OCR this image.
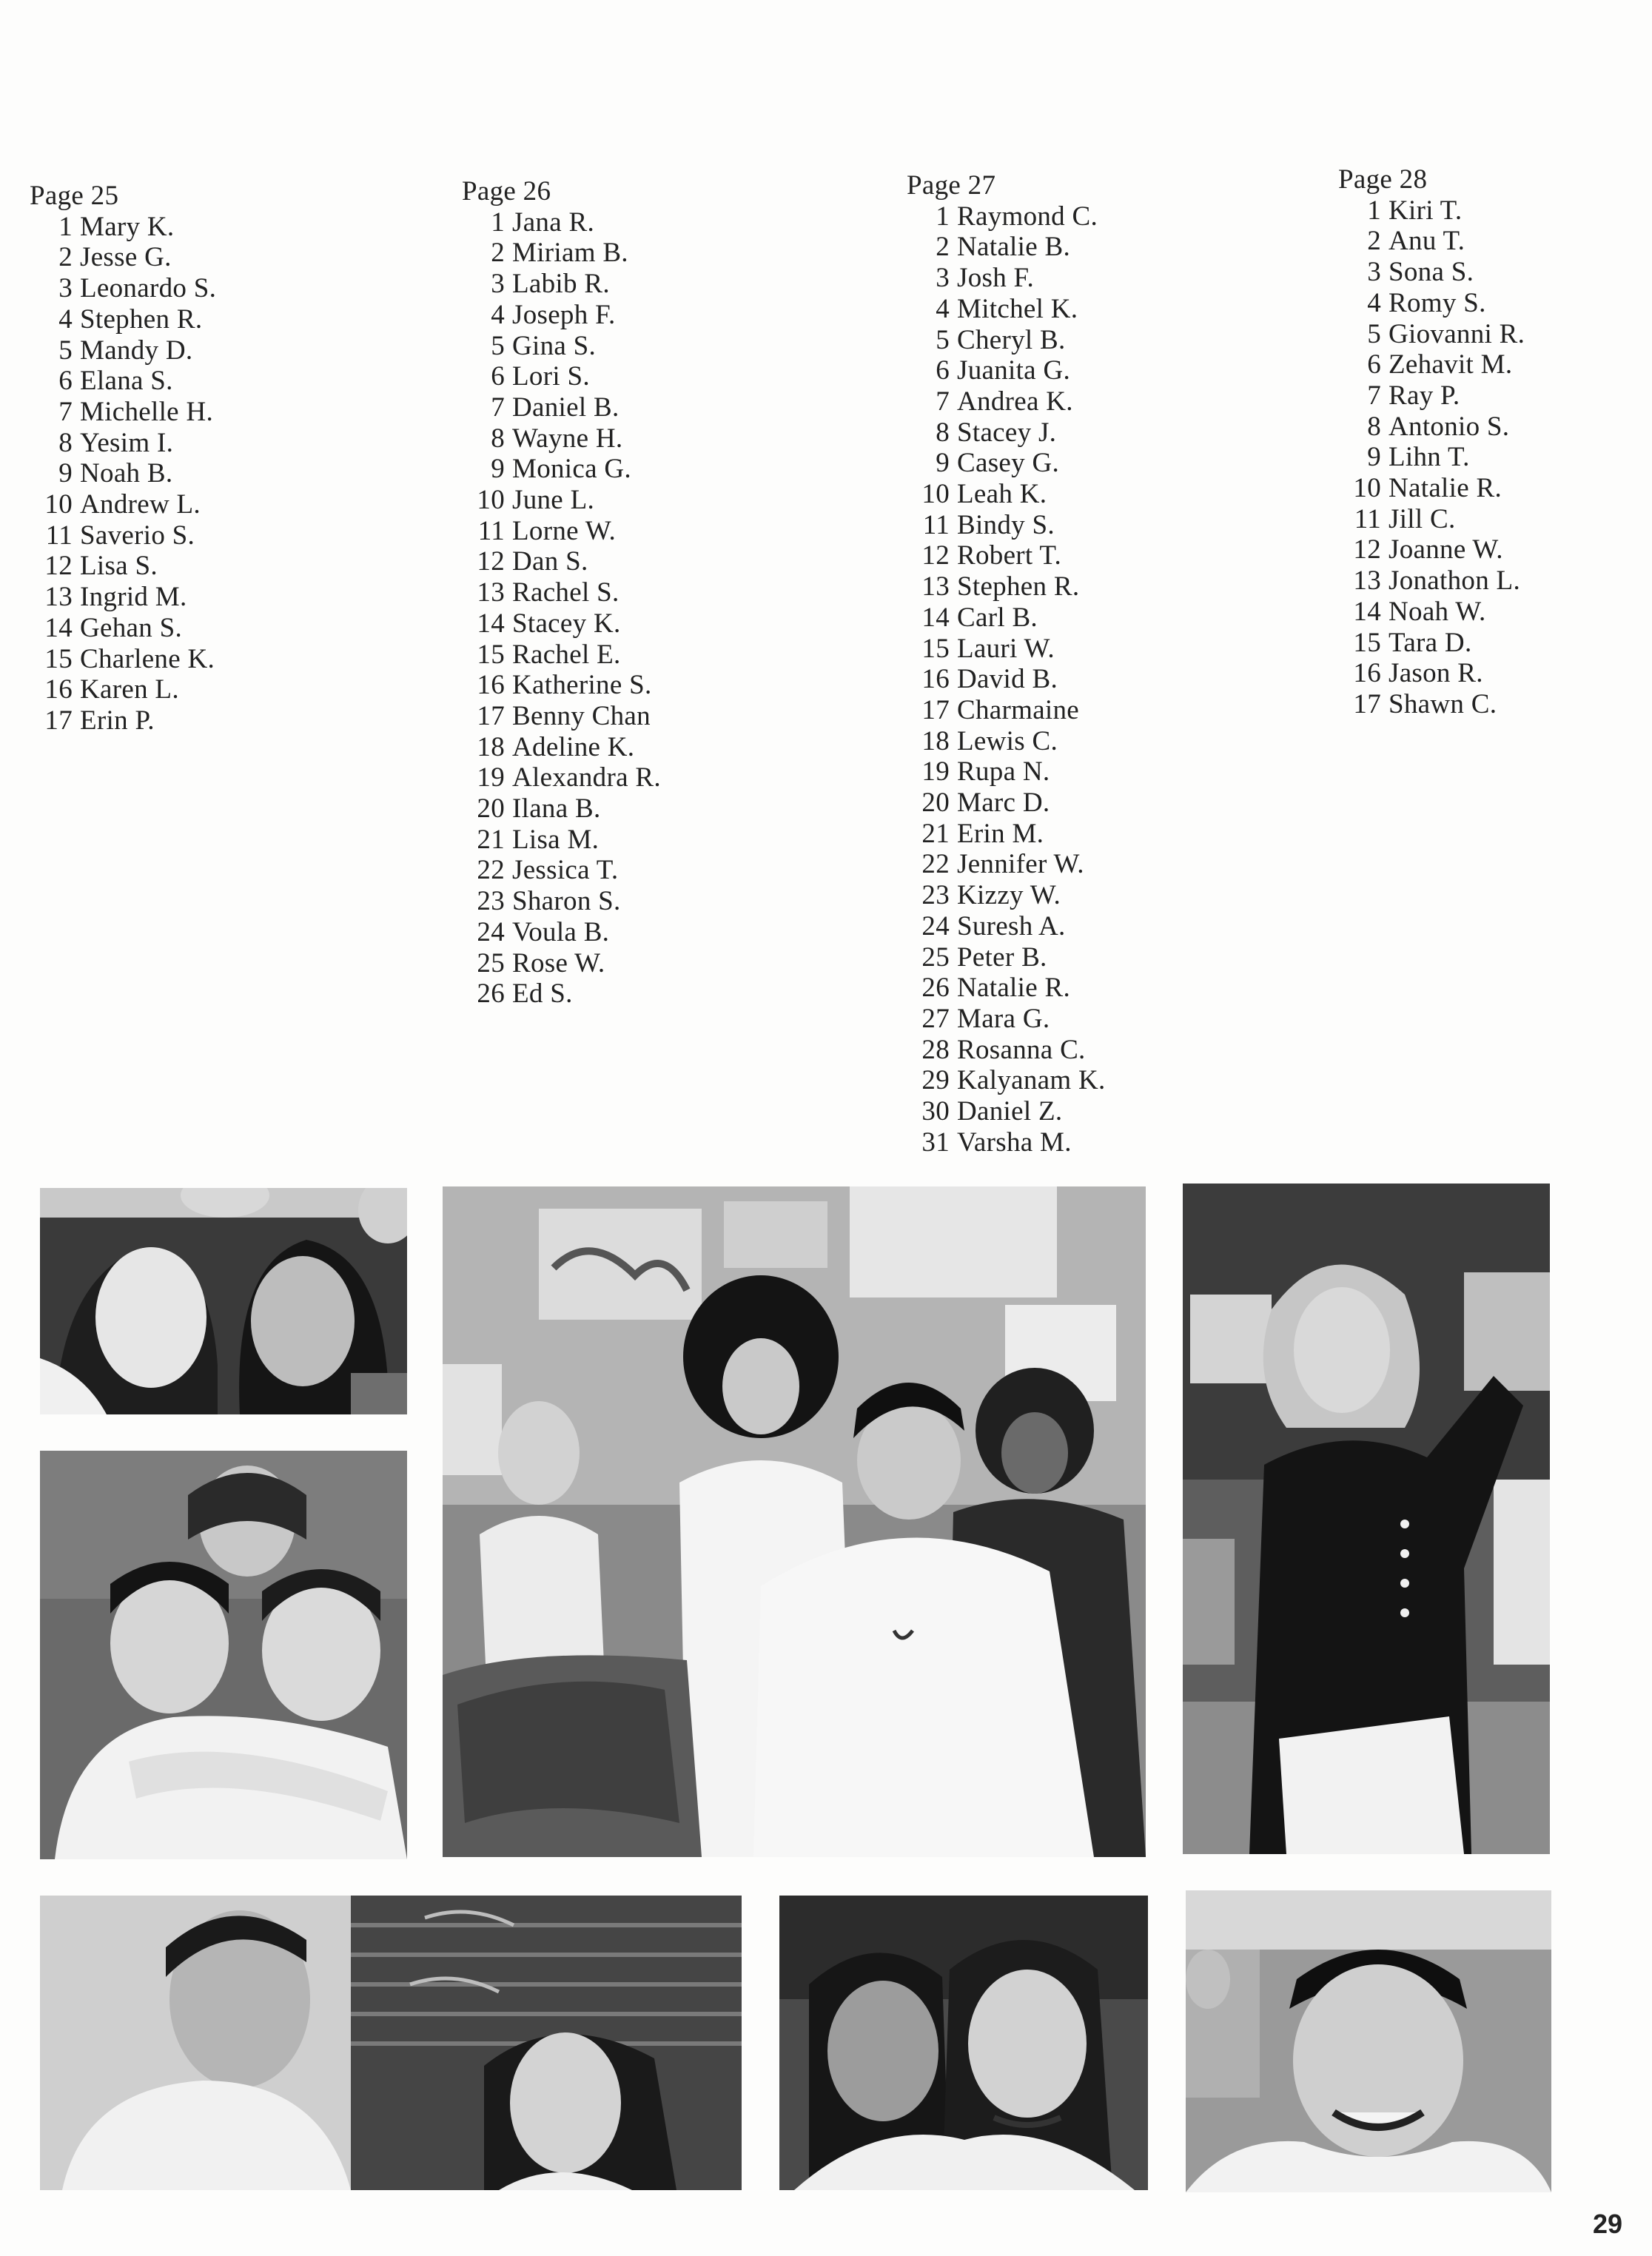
Page 25
1 Mary K.
2 Jesse G.
3 Leonardo S.
4 Stephen R.
5 Mandy D.
6 Elana S.
7 Michelle H.
8 Yesim I.
9 Noah B.
10 Andrew L.
11 Saverio S.
12 Lisa S.
13 Ingrid M.
14 Gehan S.
15 Charlene K.
16 Karen L.
17 Erin P.
Page 26
1 Jana R.
2 Miriam B.
3 Labib R.
4 Joseph F.
5 Gina S.
6 Lori S.
7 Daniel B.
8 Wayne H.
9 Monica G.
10 June L.
11 Lorne W.
12 Dan S.
13 Rachel S.
14 Stacey K.
15 Rachel E.
16 Katherine S.
17 Benny Chan
18 Adeline K.
19 Alexandra R.
20 Ilana B.
21 Lisa M.
22 Jessica T.
23 Sharon S.
24 Voula B.
25 Rose W.
26 Ed S.
Page 27
1 Raymond C.
2 Natalie B.
3 Josh F.
4 Mitchel K.
5 Cheryl B.
6 Juanita G.
7 Andrea K.
8 Stacey J.
9 Casey G.
10 Leah K.
11 Bindy S.
12 Robert T.
13 Stephen R.
14 Carl B.
15 Lauri W.
16 David B.
17 Charmaine
18 Lewis C.
19 Rupa N.
20 Marc D.
21 Erin M.
22 Jennifer W.
23 Kizzy W.
24 Suresh A.
25 Peter B.
26 Natalie R.
27 Mara G.
28 Rosanna C.
29 Kalyanam K.
30 Daniel Z.
31 Varsha M.
Page 28
1 Kiri T.
2 Anu T.
3 Sona S.
4 Romy S.
5 Giovanni R.
6 Zehavit M.
7 Ray P.
8 Antonio S.
9 Lihn T.
10 Natalie R.
11 Jill C.
12 Joanne W.
13 Jonathon L.
14 Noah W.
15 Tara D.
16 Jason R.
17 Shawn C.
29
